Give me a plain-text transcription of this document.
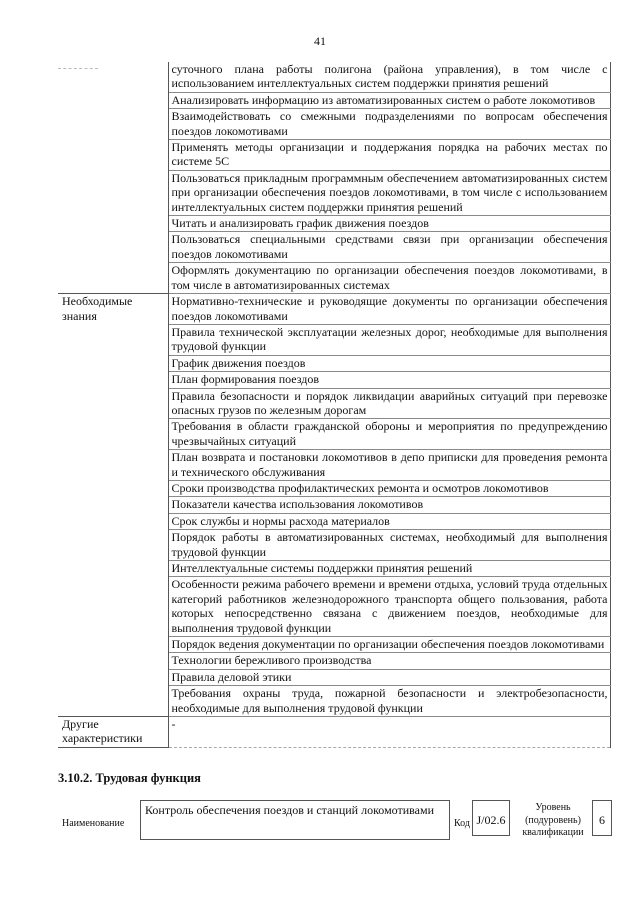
41
	суточного плана работы полигона (района управления), в том числе с использованием интеллектуальных систем поддержки принятия решений
	Анализировать информацию из автоматизированных систем о работе локомотивов
	Взаимодействовать со смежными подразделениями по вопросам обеспечения поездов локомотивами
	Применять методы организации и поддержания порядка на рабочих местах по системе 5С
	Пользоваться прикладным программным обеспечением автоматизированных систем при организации обеспечения поездов локомотивами, в том числе с использованием интеллектуальных систем поддержки принятия решений
	Читать и анализировать график движения поездов
	Пользоваться специальными средствами связи при организации обеспечения поездов локомотивами
	Оформлять документацию по организации обеспечения поездов локомотивами, в том числе в автоматизированных системах
Необходимые знания	Нормативно-технические и руководящие документы по организации обеспечения поездов локомотивами
	Правила технической эксплуатации железных дорог, необходимые для выполнения трудовой функции
	График движения поездов
	План формирования поездов
	Правила безопасности и порядок ликвидации аварийных ситуаций при перевозке опасных грузов по железным дорогам
	Требования в области гражданской обороны и мероприятия по предупреждению чрезвычайных ситуаций
	План возврата и постановки локомотивов в депо приписки для проведения ремонта и технического обслуживания
	Сроки производства профилактических ремонта и осмотров локомотивов
	Показатели качества использования локомотивов
	Срок службы и нормы расхода материалов
	Порядок работы в автоматизированных системах, необходимый для выполнения трудовой функции
	Интеллектуальные системы поддержки принятия решений
	Особенности режима рабочего времени и времени отдыха, условий труда отдельных категорий работников железнодорожного транспорта общего пользования, работа которых непосредственно связана с движением поездов, необходимые для выполнения трудовой функции
	Порядок ведения документации по организации обеспечения поездов локомотивами
	Технологии бережливого производства
	Правила деловой этики
	Требования охраны труда, пожарной безопасности и электробезопасности, необходимые для выполнения трудовой функции
Другие характеристики	-
3.10.2. Трудовая функция
Наименование
Контроль обеспечения поездов и станций локомотивами
Код J/02.6
Уровень (подуровень) квалификации
6
